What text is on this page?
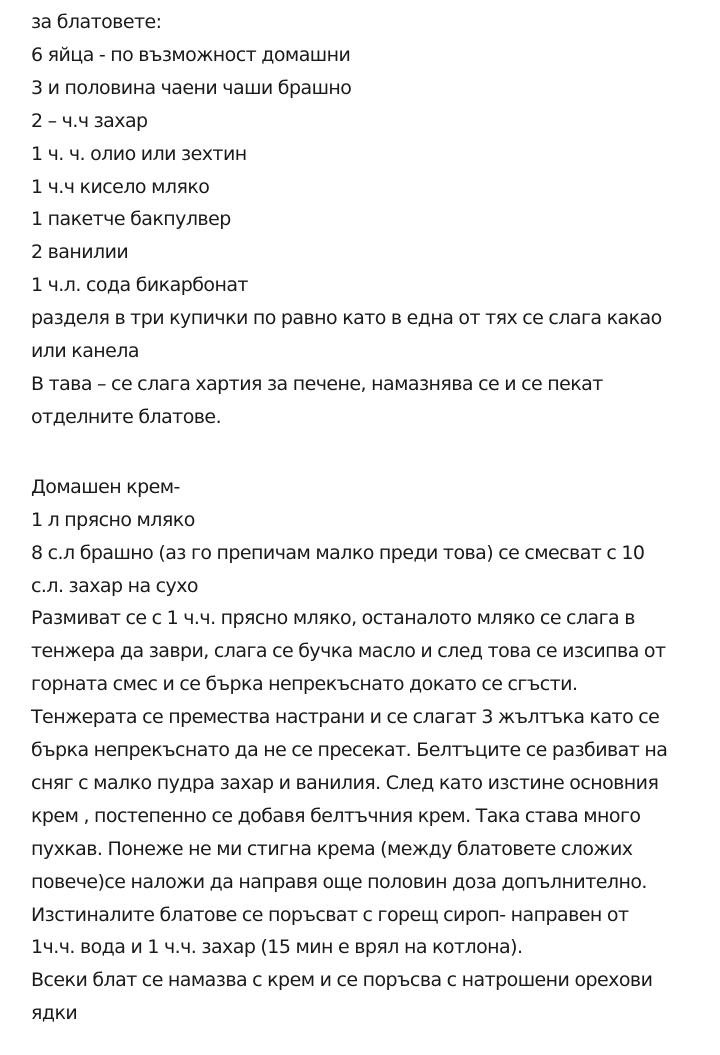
за блатовете:

6 яйца - по възможност домашни

3 и половина чаени чаши брашно

2 – ч.ч захар

1 ч. ч. олио или зехтин

1 ч.ч кисело мляко

1 пакетче бакпулвер

2 ванилии

1 ч.л. сода бикарбонат

разделя в три купички по равно като в една от тях се слага какао

или канела

В тава – се слага хартия за печене, намазнява се и се пекат

отделните блатове.

Домашен крем-

1 л прясно мляко

8 с.л брашно (аз го препичам малко преди това) се смесват с 10

с.л. захар на сухо

Размиват се с 1 ч.ч. прясно мляко, останалото мляко се слага в

тенжера да заври, слага се бучка масло и след това се изсипва от

горната смес и се бърка непрекъснато докато се сгъсти.

Тенжерата се премества настрани и се слагат 3 жълтъка като се

бърка непрекъснато да не се пресекат. Белтъците се разбиват на

сняг с малко пудра захар и ванилия. След като изстине основния

крем , постепенно се добавя белтъчния крем. Така става много

пухкав. Понеже не ми стигна крема (между блатовете сложих

повече)се наложи да направя още половин доза допълнително.

Изстиналите блатове се поръсват с горещ сироп- направен от

1ч.ч. вода и 1 ч.ч. захар (15 мин е врял на котлона).

Всеки блат се намазва с крем и се поръсва с натрошени орехови

ядки
